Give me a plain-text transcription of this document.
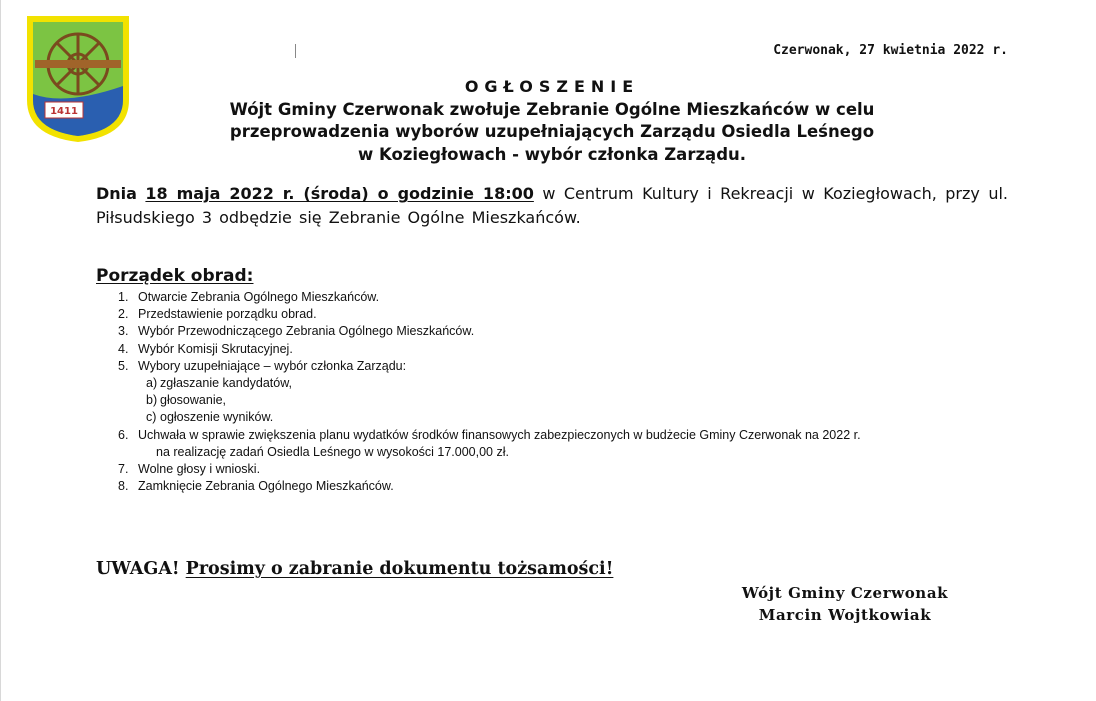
1411
Czerwonak, 27 kwietnia 2022 r.
OGŁOSZENIE
Wójt Gminy Czerwonak zwołuje Zebranie Ogólne Mieszkańców w celu
przeprowadzenia wyborów uzupełniających Zarządu Osiedla Leśnego
w Koziegłowach - wybór członka Zarządu.
Dnia 18 maja 2022 r. (środa) o godzinie 18:00 w Centrum Kultury i Rekreacji w Koziegłowach, przy ul. Piłsudskiego 3 odbędzie się Zebranie Ogólne Mieszkańców.
Porządek obrad:
1. Otwarcie Zebrania Ogólnego Mieszkańców.
2. Przedstawienie porządku obrad.
3. Wybór Przewodniczącego Zebrania Ogólnego Mieszkańców.
4. Wybór Komisji Skrutacyjnej.
5. Wybory uzupełniające – wybór członka Zarządu:
a) zgłaszanie kandydatów,
b) głosowanie,
c) ogłoszenie wyników.
6. Uchwała w sprawie zwiększenia planu wydatków środków finansowych zabezpieczonych w budżecie Gminy Czerwonak na 2022 r.
na realizację zadań Osiedla Leśnego w wysokości 17.000,00 zł.
7. Wolne głosy i wnioski.
8. Zamknięcie Zebrania Ogólnego Mieszkańców.
UWAGA! Prosimy o zabranie dokumentu tożsamości!
Wójt Gminy Czerwonak
Marcin Wojtkowiak
